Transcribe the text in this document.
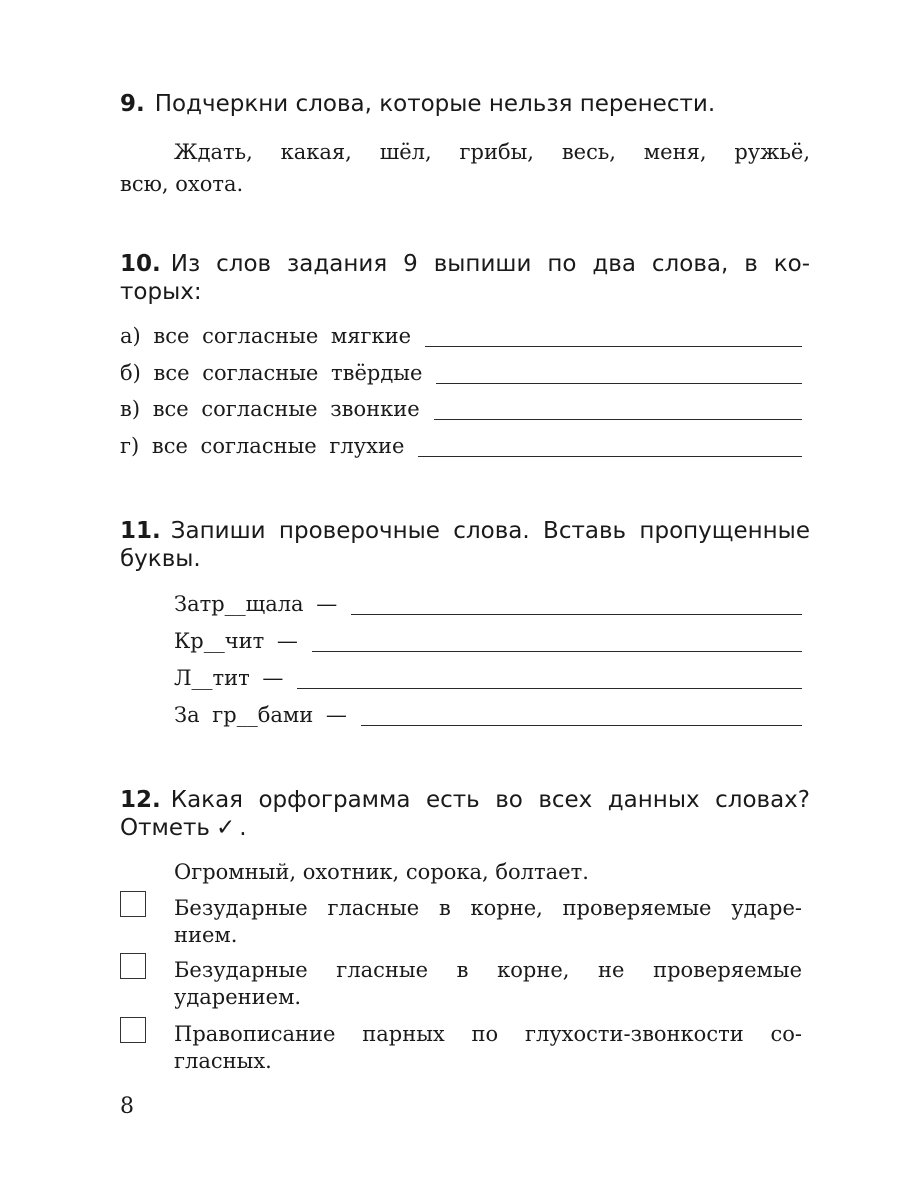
9. Подчеркни слова, которые нельзя перенести.
Ждать, какая, шёл, грибы, весь, меня, ружьё,
всю, охота.
10. Из слов задания 9 выпиши по два слова, в ко-
торых:
а) все согласные мягкие
б) все согласные твёрдые
в) все согласные звонкие
г) все согласные глухие
11. Запиши проверочные слова. Вставь пропущенные
буквы.
Затр__щала —
Кр__чит —
Л__тит —
За гр__бами —
12. Какая орфограмма есть во всех данных словах?
Отметь ✓ .
Огромный, охотник, сорока, болтает.
Безударные гласные в корне, проверяемые ударе-
нием.
Безударные гласные в корне, не проверяемые
ударением.
Правописание парных по глухости-звонкости со-
гласных.
8
